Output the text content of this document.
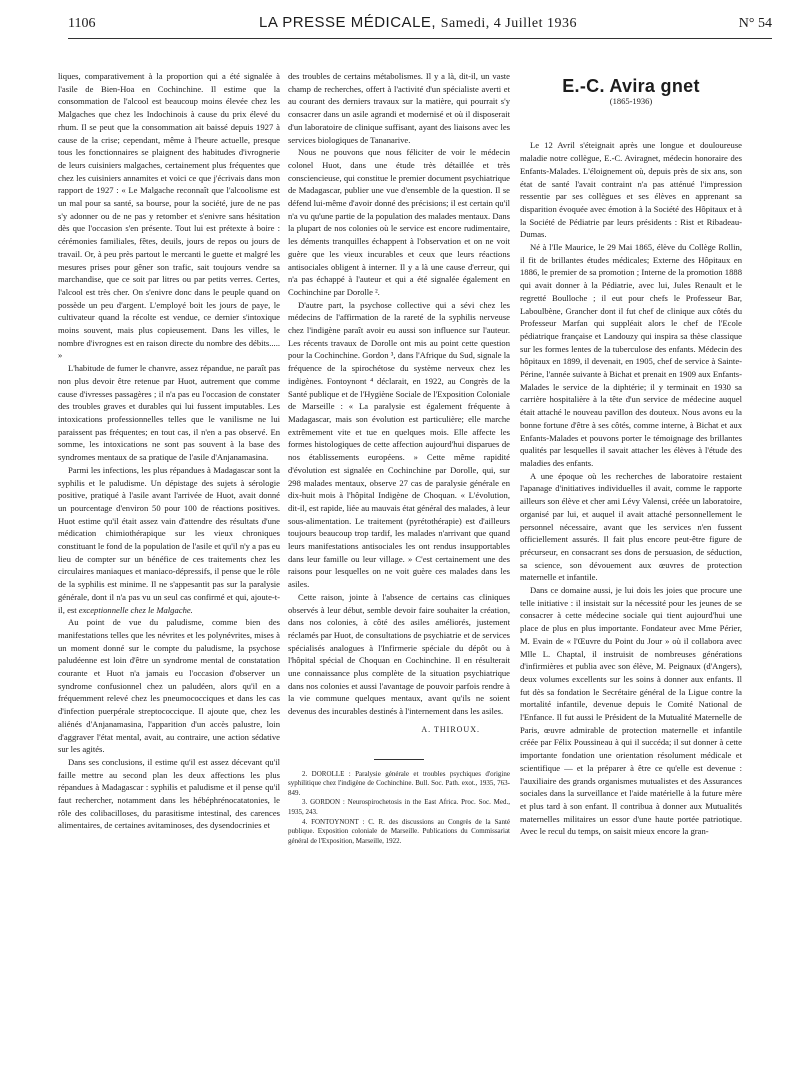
1106	LA PRESSE MÉDICALE, Samedi, 4 Juillet 1936	N° 54

liques, comparativement à la proportion qui a été signalée à l'asile de Bien-Hoa en Cochinchine. Il estime que la consommation de l'alcool est beaucoup moins élevée chez les Malgaches que chez les Indochinois à cause du prix élevé du rhum. Il se peut que la consommation ait baissé depuis 1927 à cause de la crise; cependant, même à l'heure actuelle, presque tous les fonctionnaires se plaignent des habitudes d'ivrognerie de leurs cuisiniers malgaches, certainement plus fréquentes que chez les cuisiniers annamites et voici ce que j'écrivais dans mon rapport de 1927 : « Le Malgache reconnaît que l'alcoolisme est un mal pour sa santé, sa bourse, pour la société, jure de ne pas s'y adonner ou de ne pas y retomber et s'enivre sans hésitation dès que l'occasion s'en présente. Tout lui est prétexte à boire : cérémonies familiales, fêtes, deuils, jours de repos ou jours de travail. Or, à peu près partout le mercanti le guette et malgré les mesures prises pour gêner son trafic, sait toujours vendre sa marchandise, que ce soit par litres ou par petits verres. Certes, l'alcool est très cher. On s'enivre donc dans le peuple quand on possède un peu d'argent. L'employé boit les jours de paye, le cultivateur quand la récolte est vendue, ce dernier s'intoxique moins souvent, mais plus copieusement. Dans les villes, le nombre d'ivrognes est en raison directe du nombre des débits..... »

L'habitude de fumer le chanvre, assez répandue, ne paraît pas non plus devoir être retenue par Huot, autrement que comme cause d'ivresses passagères ; il n'a pas eu l'occasion de constater des troubles graves et durables qui lui fussent imputables. Les intoxications professionnelles telles que le vanilisme ne lui paraissent pas fréquentes; en tout cas, il n'en a pas observé. En somme, les intoxications ne sont pas souvent à la base des syndromes mentaux de sa pratique de l'asile d'Anjanamasina.

Parmi les infections, les plus répandues à Madagascar sont la syphilis et le paludisme. Un dépistage des sujets à sérologie positive, pratiqué à l'asile avant l'arrivée de Huot, avait donné un pourcentage d'environ 50 pour 100 de réactions positives. Huot estime qu'il était assez vain d'attendre des résultats d'une médication chimiothérapique sur les vieux chroniques constituant le fond de la population de l'asile et qu'il n'y a pas eu lieu de compter sur un bénéfice de ces traitements chez les circulaires maniaques et maniaco-dépressifs, il pense que le rôle de la syphilis est minime. Il ne s'appesantit pas sur la paralysie générale, dont il n'a pas vu un seul cas confirmé et qui, ajoute-t-il, est exceptionnelle chez le Malgache.

Au point de vue du paludisme, comme bien des manifestations telles que les névrites et les polynévrites, mises à un moment donné sur le compte du paludisme, la psychose paludéenne est loin d'être un syndrome mental de constatation courante et Huot n'a jamais eu l'occasion d'observer un syndrome confusionnel chez un paludéen, alors qu'il en a fréquemment relevé chez les pneumococciques et dans les cas d'infection puerpérale streptococcique. Il ajoute que, chez les aliénés d'Anjanamasina, l'apparition d'un accès palustre, loin d'aggraver l'état mental, avait, au contraire, une action sédative sur les agités.

Dans ses conclusions, il estime qu'il est assez décevant qu'il faille mettre au second plan les deux affections les plus répandues à Madagascar : syphilis et paludisme et il pense qu'il faut rechercher, notamment dans les hébéphrénocatatonies, le rôle des colibacilloses, du parasitisme intestinal, des carences alimentaires, de certaines avitaminoses, des dysendocrinies et

des troubles de certains métabolismes. Il y a là, dit-il, un vaste champ de recherches, offert à l'activité d'un spécialiste averti et au courant des derniers travaux sur la matière, qui pourrait s'y consacrer dans un asile agrandi et modernisé et où il disposerait d'un laboratoire de clinique suffisant, ayant des liaisons avec les services biologiques de Tananarive.

Nous ne pouvons que nous féliciter de voir le médecin colonel Huot, dans une étude très détaillée et très consciencieuse, qui constitue le premier document psychiatrique de Madagascar, publier une vue d'ensemble de la question. Il se défend lui-même d'avoir donné des précisions; il est certain qu'il n'a vu qu'une partie de la population des malades mentaux. Dans la plupart de nos colonies où le service est encore rudimentaire, les déments tranquilles échappent à l'observation et on ne voit guère que les vieux incurables et ceux que leurs réactions antisociales obligent à interner. Il y a là une cause d'erreur, qui n'a pas échappé à l'auteur et qui a été signalée également en Cochinchine par Dorolle ².

D'autre part, la psychose collective qui a sévi chez les médecins de l'affirmation de la rareté de la syphilis nerveuse chez l'indigène paraît avoir eu aussi son influence sur l'auteur. Les récents travaux de Dorolle ont mis au point cette question pour la Cochinchine. Gordon ³, dans l'Afrique du Sud, signale la fréquence de la spirochétose du système nerveux chez les indigènes. Fontoynont ⁴ déclarait, en 1922, au Congrès de la Santé publique et de l'Hygiène Sociale de l'Exposition Coloniale de Marseille : « La paralysie est également fréquente à Madagascar, mais son évolution est particulière; elle marche extrêmement vite et tue en quelques mois. Elle affecte les formes histologiques de cette affection aujourd'hui disparues de nos établissements européens. » Cette même rapidité d'évolution est signalée en Cochinchine par Dorolle, qui, sur 298 malades mentaux, observe 27 cas de paralysie générale en dix-huit mois à l'hôpital Indigène de Choquan. « L'évolution, dit-il, est rapide, liée au mauvais état général des malades, à leur sous-alimentation. Le traitement (pyrétothérapie) est d'ailleurs toujours beaucoup trop tardif, les malades n'arrivant que quand leurs manifestations antisociales les ont rendus insupportables dans leur famille ou leur village. » C'est certainement une des raisons pour lesquelles on ne voit guère ces malades dans les asiles.

Cette raison, jointe à l'absence de certains cas cliniques observés à leur début, semble devoir faire souhaiter la création, dans nos colonies, à côté des asiles améliorés, justement réclamés par Huot, de consultations de psychiatrie et de services spécialisés analogues à l'Infirmerie spéciale du dépôt ou à l'hôpital spécial de Choquan en Cochinchine. Il en résulterait une connaissance plus complète de la situation psychiatrique dans nos colonies et aussi l'avantage de pouvoir parfois rendre à la vie commune quelques mentaux, avant qu'ils ne soient devenus des incurables destinés à l'internement dans les asiles.

A. THIROUX.

2. DOROLLE : Paralysie générale et troubles psychiques d'origine syphilitique chez l'indigène de Cochinchine. Bull. Soc. Path. exot., 1935, 763-849.

3. GORDON : Neurospirochetosis in the East Africa. Proc. Soc. Med., 1935, 243.

4. FONTOYNONT : C. R. des discussions au Congrès de la Santé publique. Exposition coloniale de Marseille. Publications du Commissariat général de l'Exposition, Marseille, 1922.

E.-C. Avira gnet
(1865-1936)

Le 12 Avril s'éteignait après une longue et douloureuse maladie notre collègue, E.-C. Aviragnet, médecin honoraire des Enfants-Malades. L'éloignement où, depuis près de six ans, son état de santé l'avait contraint n'a pas atténué l'impression ressentie par ses collègues et ses élèves en apprenant sa disparition évoquée avec émotion à la Société des Hôpitaux et à la Société de Pédiatrie par leurs présidents : Rist et Ribadeau-Dumas.

Né à l'Ile Maurice, le 29 Mai 1865, élève du Collège Rollin, il fit de brillantes études médicales; Externe des Hôpitaux en 1886, le premier de sa promotion ; Interne de la promotion 1888 qui avait donner à la Pédiatrie, avec lui, Jules Renault et le regretté Boulloche ; il eut pour chefs le Professeur Bar, Laboulbène, Grancher dont il fut chef de clinique aux côtés du Professeur Marfan qui suppléait alors le chef de l'Ecole pédiatrique française et Landouzy qui inspira sa thèse classique sur les formes lentes de la tuberculose des enfants. Médecin des hôpitaux en 1899, il devenait, en 1905, chef de service à Sainte-Périne, l'année suivante à Bichat et prenait en 1909 aux Enfants-Malades le service de la diphtérie; il y terminait en 1930 sa carrière hospitalière à la tête d'un service de médecine auquel était attaché le nouveau pavillon des douteux. Nous avons eu la bonne fortune d'être à ses côtés, comme interne, à Bichat et aux Enfants-Malades et pouvons porter le témoignage des brillantes qualités par lesquelles il savait attacher les élèves à l'étude des maladies des enfants.

A une époque où les recherches de laboratoire restaient l'apanage d'initiatives individuelles il avait, comme le rapporte ailleurs son élève et cher ami Lévy Valensi, créée un laboratoire, organisé par lui, et auquel il avait attaché personnellement le personnel nécessaire, avant que les services n'en fussent officiellement assurés. Il fait plus encore peut-être figure de précurseur, en consacrant ses dons de persuasion, de séduction, sa science, son dévouement aux œuvres de protection maternelle et infantile.

Dans ce domaine aussi, je lui dois les joies que procure une telle initiative : il insistait sur la nécessité pour les jeunes de se consacrer à cette médecine sociale qui tient aujourd'hui une place de plus en plus importante. Fondateur avec Mme Périer, M. Evain de « l'Œuvre du Point du Jour » où il collabora avec Mlle L. Chaptal, il instruisit de nombreuses générations d'infirmières et publia avec son élève, M. Peignaux (d'Angers), deux volumes excellents sur les soins à donner aux enfants. Il fut dès sa fondation le Secrétaire général de la Ligue contre la mortalité infantile, devenue depuis le Comité National de l'Enfance. Il fut aussi le Président de la Mutualité Maternelle de Paris, œuvre admirable de protection maternelle et infantile créée par Félix Poussineau à qui il succéda; il sut donner à cette importante fondation une orientation résolument médicale et scientifique — et la préparer à être ce qu'elle est devenue : l'auxiliaire des grands organismes mutualistes et des Assurances sociales dans la surveillance et l'aide matérielle à la future mère et plus tard à son enfant. Il contribua à donner aux Mutualités maternelles militaires un essor d'une haute portée patriotique. Avec le recul du temps, on saisit mieux encore la gran-
